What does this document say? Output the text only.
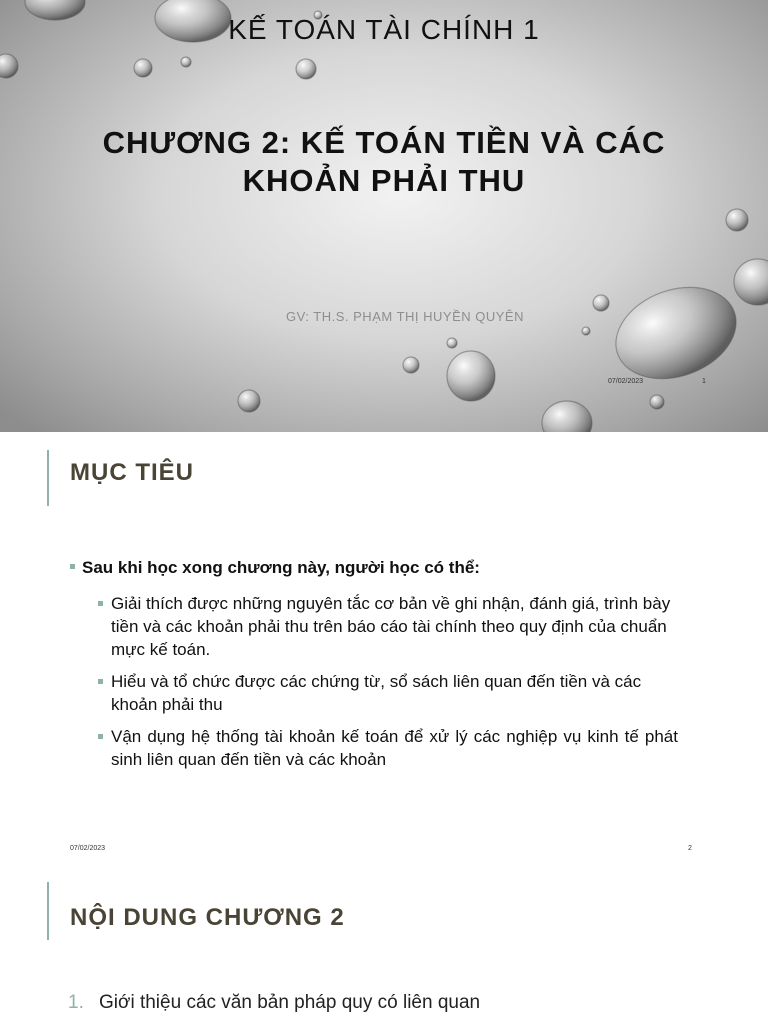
KẾ TOÁN TÀI CHÍNH 1
CHƯƠNG 2: KẾ TOÁN TIỀN VÀ CÁC
KHOẢN PHẢI THU
GV: TH.S. PHẠM THỊ HUYỀN QUYÊN
07/02/2023	1
MỤC TIÊU
Sau khi học xong chương này, người học có thể:
Giải thích được những nguyên tắc cơ bản về ghi nhận, đánh giá, trình bày tiền và các khoản phải thu trên báo cáo tài chính theo quy định của chuẩn mực kế toán.
Hiểu và tổ chức được các chứng từ, sổ sách liên quan đến tiền và các khoản phải thu
Vận dụng hệ thống tài khoản kế toán để xử lý các nghiệp vụ kinh tế phát sinh liên quan đến tiền và các khoản
07/02/2023	2
NỘI DUNG CHƯƠNG 2
1. Giới thiệu các văn bản pháp quy có liên quan
